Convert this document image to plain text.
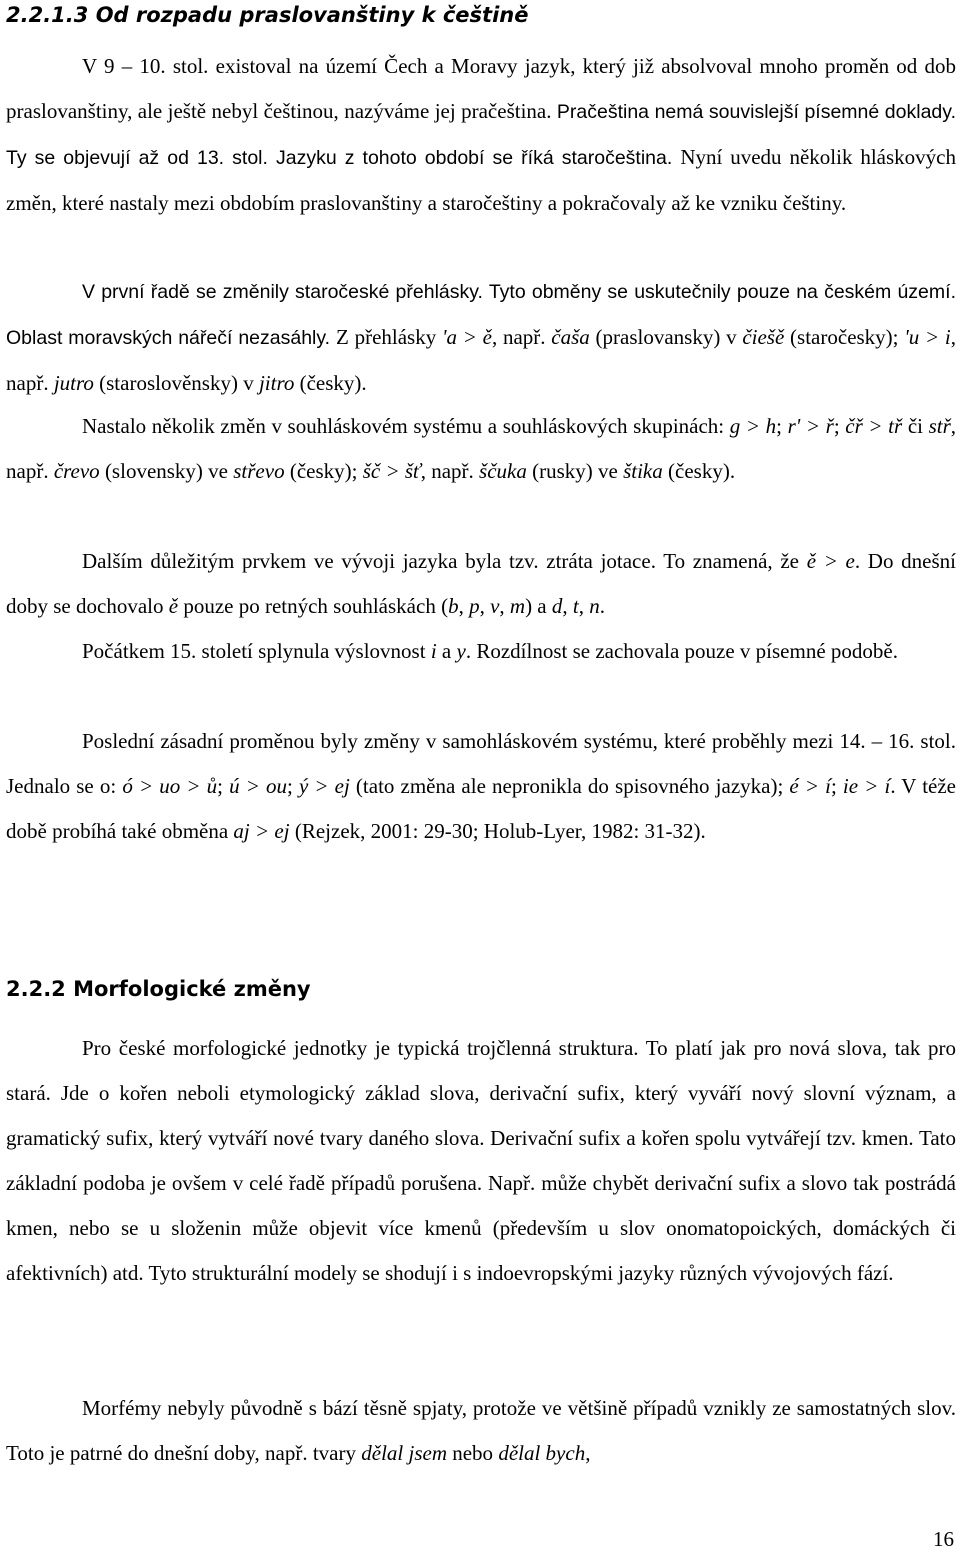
2.2.1.3 Od rozpadu praslovanštiny k češtině
V 9 – 10. stol. existoval na území Čech a Moravy jazyk, který již absolvoval mnoho proměn od dob praslovanštiny, ale ještě nebyl češtinou, nazýváme jej pračeština. Pračeština nemá souvislejší písemné doklady. Ty se objevují až od 13. stol. Jazyku z tohoto období se říká staročeština. Nyní uvedu několik hláskových změn, které nastaly mezi obdobím praslovanštiny a staročeštiny a pokračovaly až ke vzniku češtiny.
V první řadě se změnily staročeské přehlásky. Tyto obměny se uskutečnily pouze na českém území. Oblast moravských nářečí nezasáhly. Z přehlásky ʹa > ě, např. čaša (praslovansky) v čiešě (staročesky); ʹu > i, např. jutro (staroslověnsky) v jitro (česky).
Nastalo několik změn v souhláskovém systému a souhláskových skupinách: g > h; rʹ > ř; čř > tř či stř, např. črevo (slovensky) ve střevo (česky); šč > šť, např. ščuka (rusky) ve štika (česky).
Dalším důležitým prvkem ve vývoji jazyka byla tzv. ztráta jotace. To znamená, že ě > e. Do dnešní doby se dochovalo ě pouze po retných souhláskách (b, p, v, m) a d, t, n.
Počátkem 15. století splynula výslovnost i a y. Rozdílnost se zachovala pouze v písemné podobě.
Poslední zásadní proměnou byly změny v samohláskovém systému, které proběhly mezi 14. – 16. stol. Jednalo se o: ó > uo > ů; ú > ou; ý > ej (tato změna ale nepronikla do spisovného jazyka); é > í; ie > í. V téže době probíhá také obměna aj > ej (Rejzek, 2001: 29-30; Holub-Lyer, 1982: 31-32).
2.2.2 Morfologické změny
Pro české morfologické jednotky je typická trojčlenná struktura. To platí jak pro nová slova, tak pro stará. Jde o kořen neboli etymologický základ slova, derivační sufix, který vyváří nový slovní význam, a gramatický sufix, který vytváří nové tvary daného slova. Derivační sufix a kořen spolu vytvářejí tzv. kmen. Tato základní podoba je ovšem v celé řadě případů porušena. Např. může chybět derivační sufix a slovo tak postrádá kmen, nebo se u složenin může objevit více kmenů (především u slov onomatopoických, domáckých či afektivních) atd. Tyto strukturální modely se shodují i s indoevropskými jazyky různých vývojových fází.
Morfémy nebyly původně s bází těsně spjaty, protože ve většině případů vznikly ze samostatných slov. Toto je patrné do dnešní doby, např. tvary dělal jsem nebo dělal bych,
16
